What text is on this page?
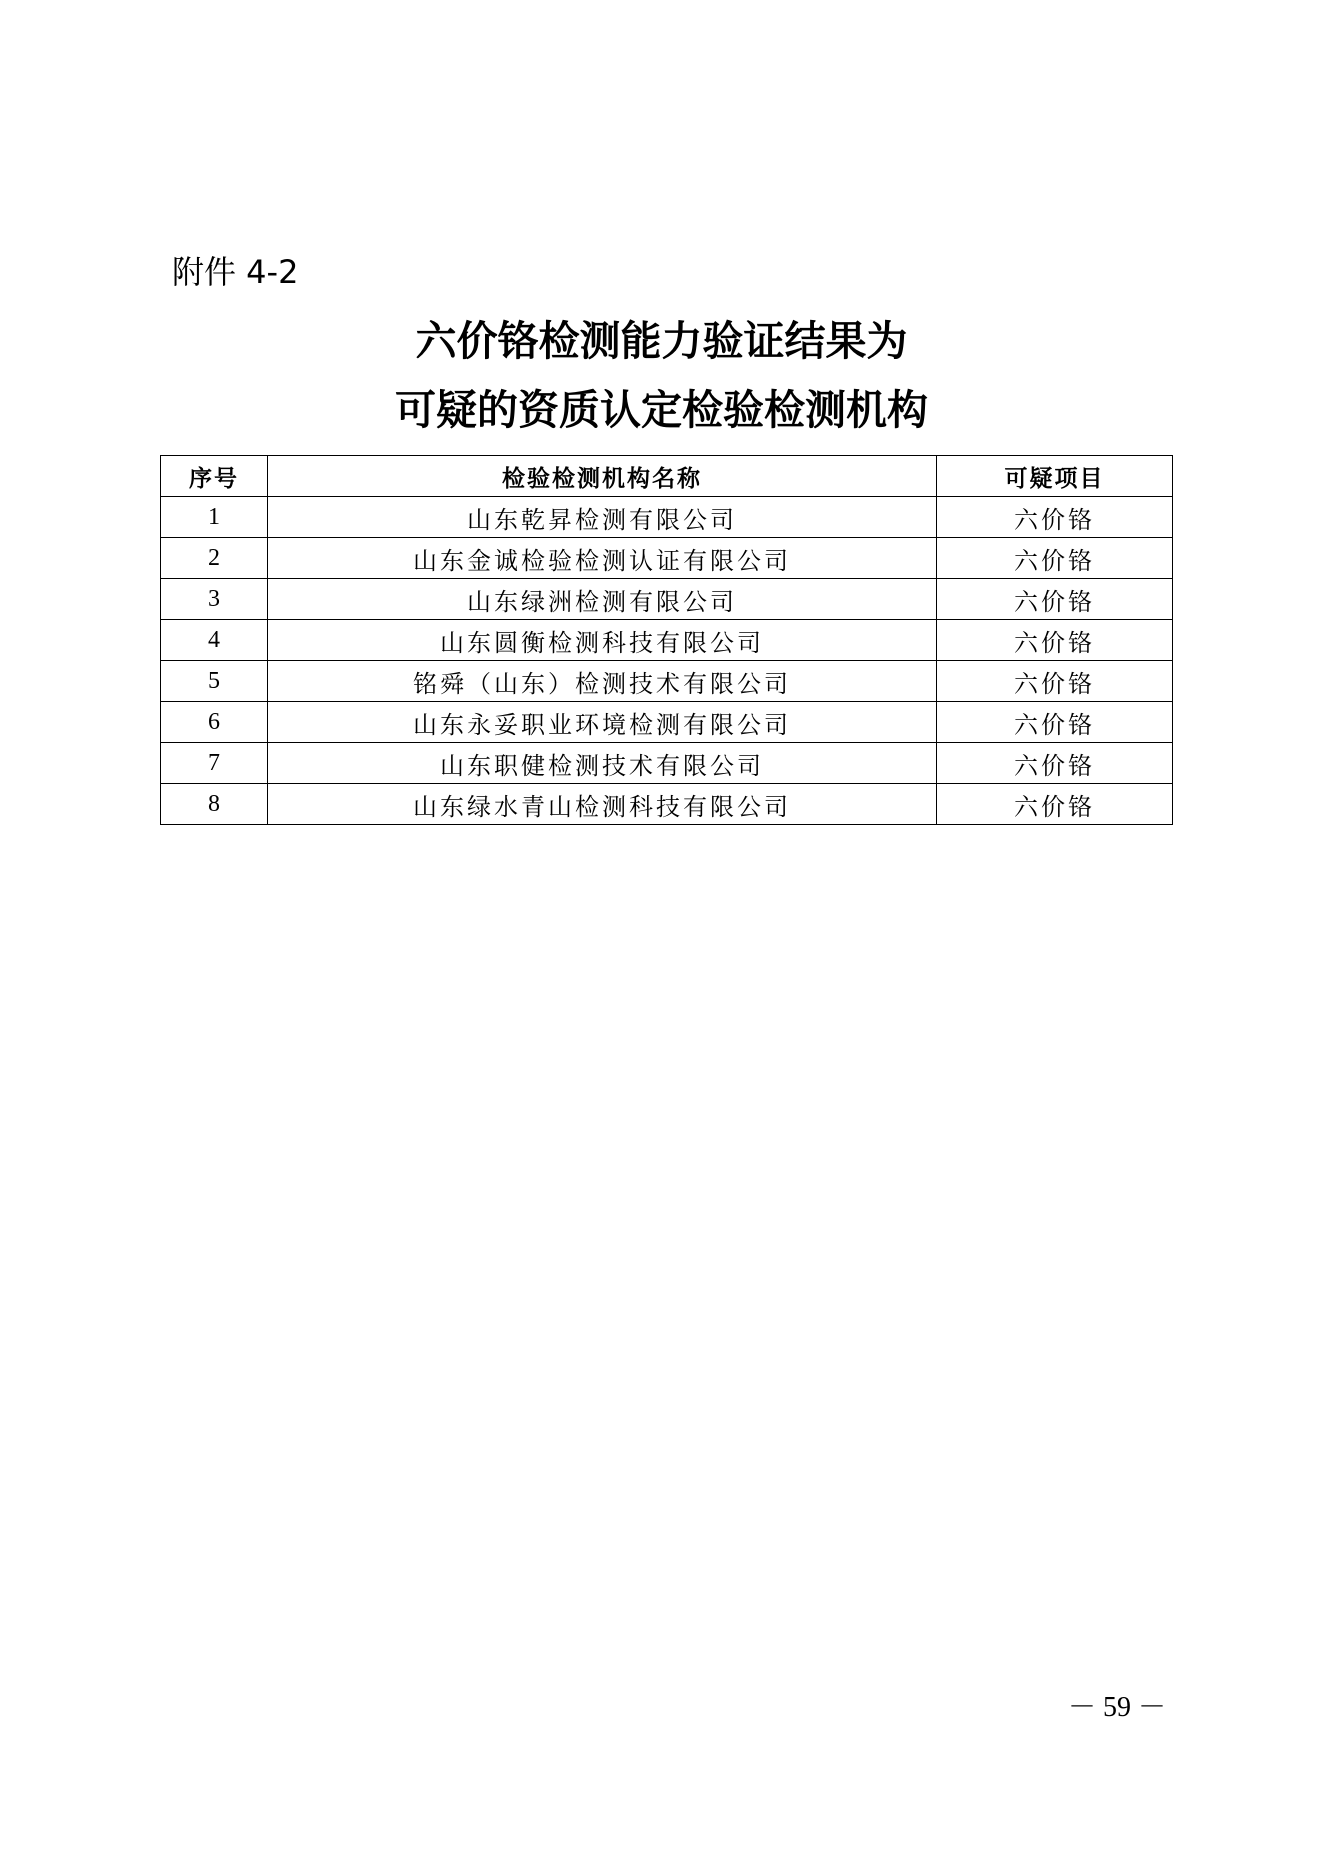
附件 4-2
六价铬检测能力验证结果为
可疑的资质认定检验检测机构
序号	检验检测机构名称	可疑项目
1	山东乾昇检测有限公司	六价铬
2	山东金诚检验检测认证有限公司	六价铬
3	山东绿洲检测有限公司	六价铬
4	山东圆衡检测科技有限公司	六价铬
5	铭舜（山东）检测技术有限公司	六价铬
6	山东永妥职业环境检测有限公司	六价铬
7	山东职健检测技术有限公司	六价铬
8	山东绿水青山检测科技有限公司	六价铬
－ 59 －
